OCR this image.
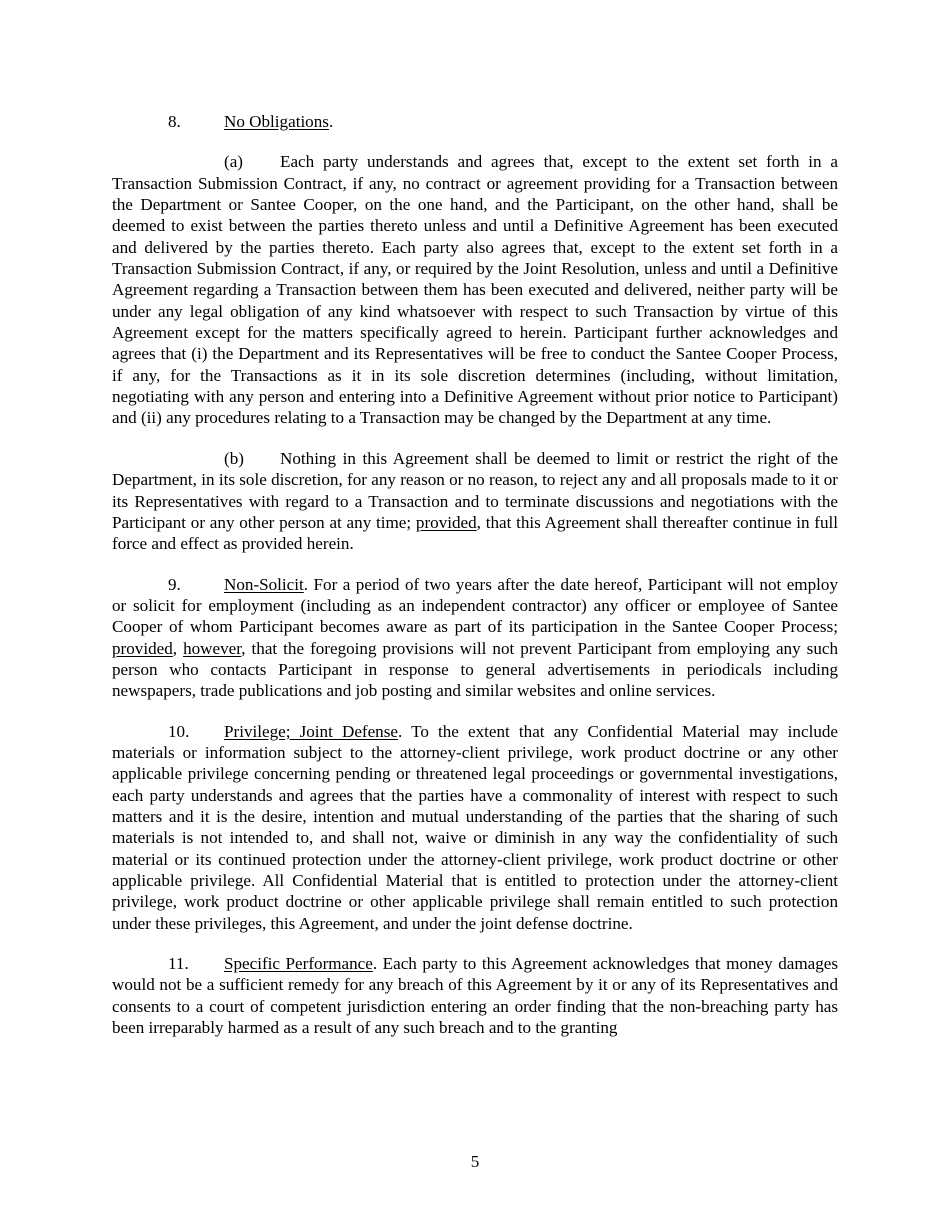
8.	No Obligations.
(a) Each party understands and agrees that, except to the extent set forth in a Transaction Submission Contract, if any, no contract or agreement providing for a Transaction between the Department or Santee Cooper, on the one hand, and the Participant, on the other hand, shall be deemed to exist between the parties thereto unless and until a Definitive Agreement has been executed and delivered by the parties thereto. Each party also agrees that, except to the extent set forth in a Transaction Submission Contract, if any, or required by the Joint Resolution, unless and until a Definitive Agreement regarding a Transaction between them has been executed and delivered, neither party will be under any legal obligation of any kind whatsoever with respect to such Transaction by virtue of this Agreement except for the matters specifically agreed to herein. Participant further acknowledges and agrees that (i) the Department and its Representatives will be free to conduct the Santee Cooper Process, if any, for the Transactions as it in its sole discretion determines (including, without limitation, negotiating with any person and entering into a Definitive Agreement without prior notice to Participant) and (ii) any procedures relating to a Transaction may be changed by the Department at any time.
(b) Nothing in this Agreement shall be deemed to limit or restrict the right of the Department, in its sole discretion, for any reason or no reason, to reject any and all proposals made to it or its Representatives with regard to a Transaction and to terminate discussions and negotiations with the Participant or any other person at any time; provided, that this Agreement shall thereafter continue in full force and effect as provided herein.
9.	Non-Solicit. For a period of two years after the date hereof, Participant will not employ or solicit for employment (including as an independent contractor) any officer or employee of Santee Cooper of whom Participant becomes aware as part of its participation in the Santee Cooper Process; provided, however, that the foregoing provisions will not prevent Participant from employing any such person who contacts Participant in response to general advertisements in periodicals including newspapers, trade publications and job posting and similar websites and online services.
10. Privilege; Joint Defense. To the extent that any Confidential Material may include materials or information subject to the attorney-client privilege, work product doctrine or any other applicable privilege concerning pending or threatened legal proceedings or governmental investigations, each party understands and agrees that the parties have a commonality of interest with respect to such matters and it is the desire, intention and mutual understanding of the parties that the sharing of such materials is not intended to, and shall not, waive or diminish in any way the confidentiality of such material or its continued protection under the attorney-client privilege, work product doctrine or other applicable privilege. All Confidential Material that is entitled to protection under the attorney-client privilege, work product doctrine or other applicable privilege shall remain entitled to such protection under these privileges, this Agreement, and under the joint defense doctrine.
11. Specific Performance. Each party to this Agreement acknowledges that money damages would not be a sufficient remedy for any breach of this Agreement by it or any of its Representatives and consents to a court of competent jurisdiction entering an order finding that the non-breaching party has been irreparably harmed as a result of any such breach and to the granting
5
